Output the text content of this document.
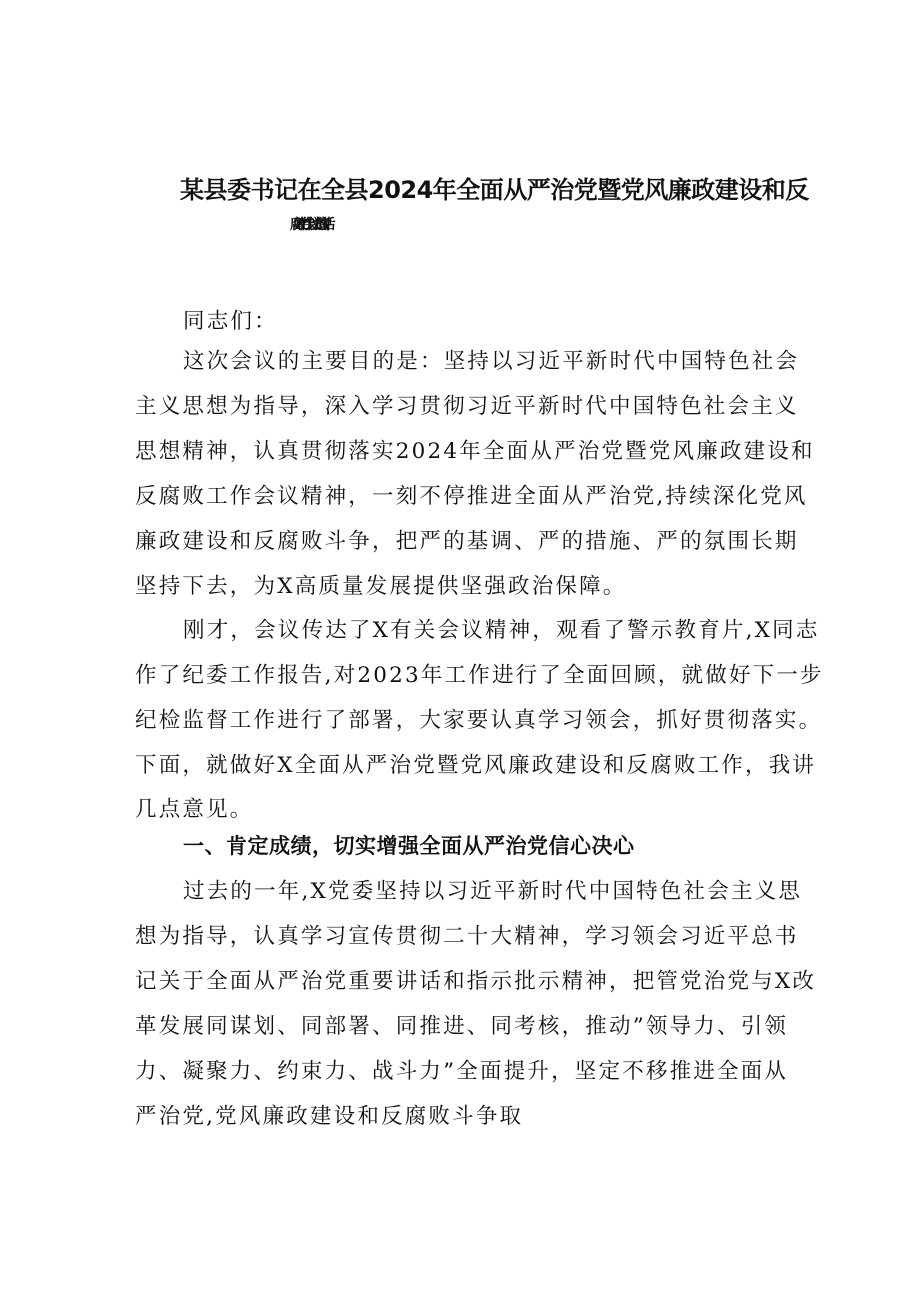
某县委书记在全县2024年全面从严治党暨党风廉政建设和反
腐败工作会议上的讲话
同志们：
这次会议的主要目的是：坚持以习近平新时代中国特色社会
主义思想为指导，深入学习贯彻习近平新时代中国特色社会主义
思想精神，认真贯彻落实2024年全面从严治党暨党风廉政建设和
反腐败工作会议精神，一刻不停推进全面从严治党,持续深化党风
廉政建设和反腐败斗争，把严的基调、严的措施、严的氛围长期
坚持下去，为X高质量发展提供坚强政治保障。
刚才，会议传达了X有关会议精神，观看了警示教育片,X同志
作了纪委工作报告,对2023年工作进行了全面回顾，就做好下一步
纪检监督工作进行了部署，大家要认真学习领会，抓好贯彻落实。
下面，就做好X全面从严治党暨党风廉政建设和反腐败工作，我讲
几点意见。
一、肯定成绩，切实增强全面从严治党信心决心
过去的一年,X党委坚持以习近平新时代中国特色社会主义思
想为指导，认真学习宣传贯彻二十大精神，学习领会习近平总书
记关于全面从严治党重要讲话和指示批示精神，把管党治党与X改
革发展同谋划、同部署、同推进、同考核，推动”领导力、引领
力、凝聚力、约束力、战斗力”全面提升，坚定不移推进全面从
严治党,党风廉政建设和反腐败斗争取
